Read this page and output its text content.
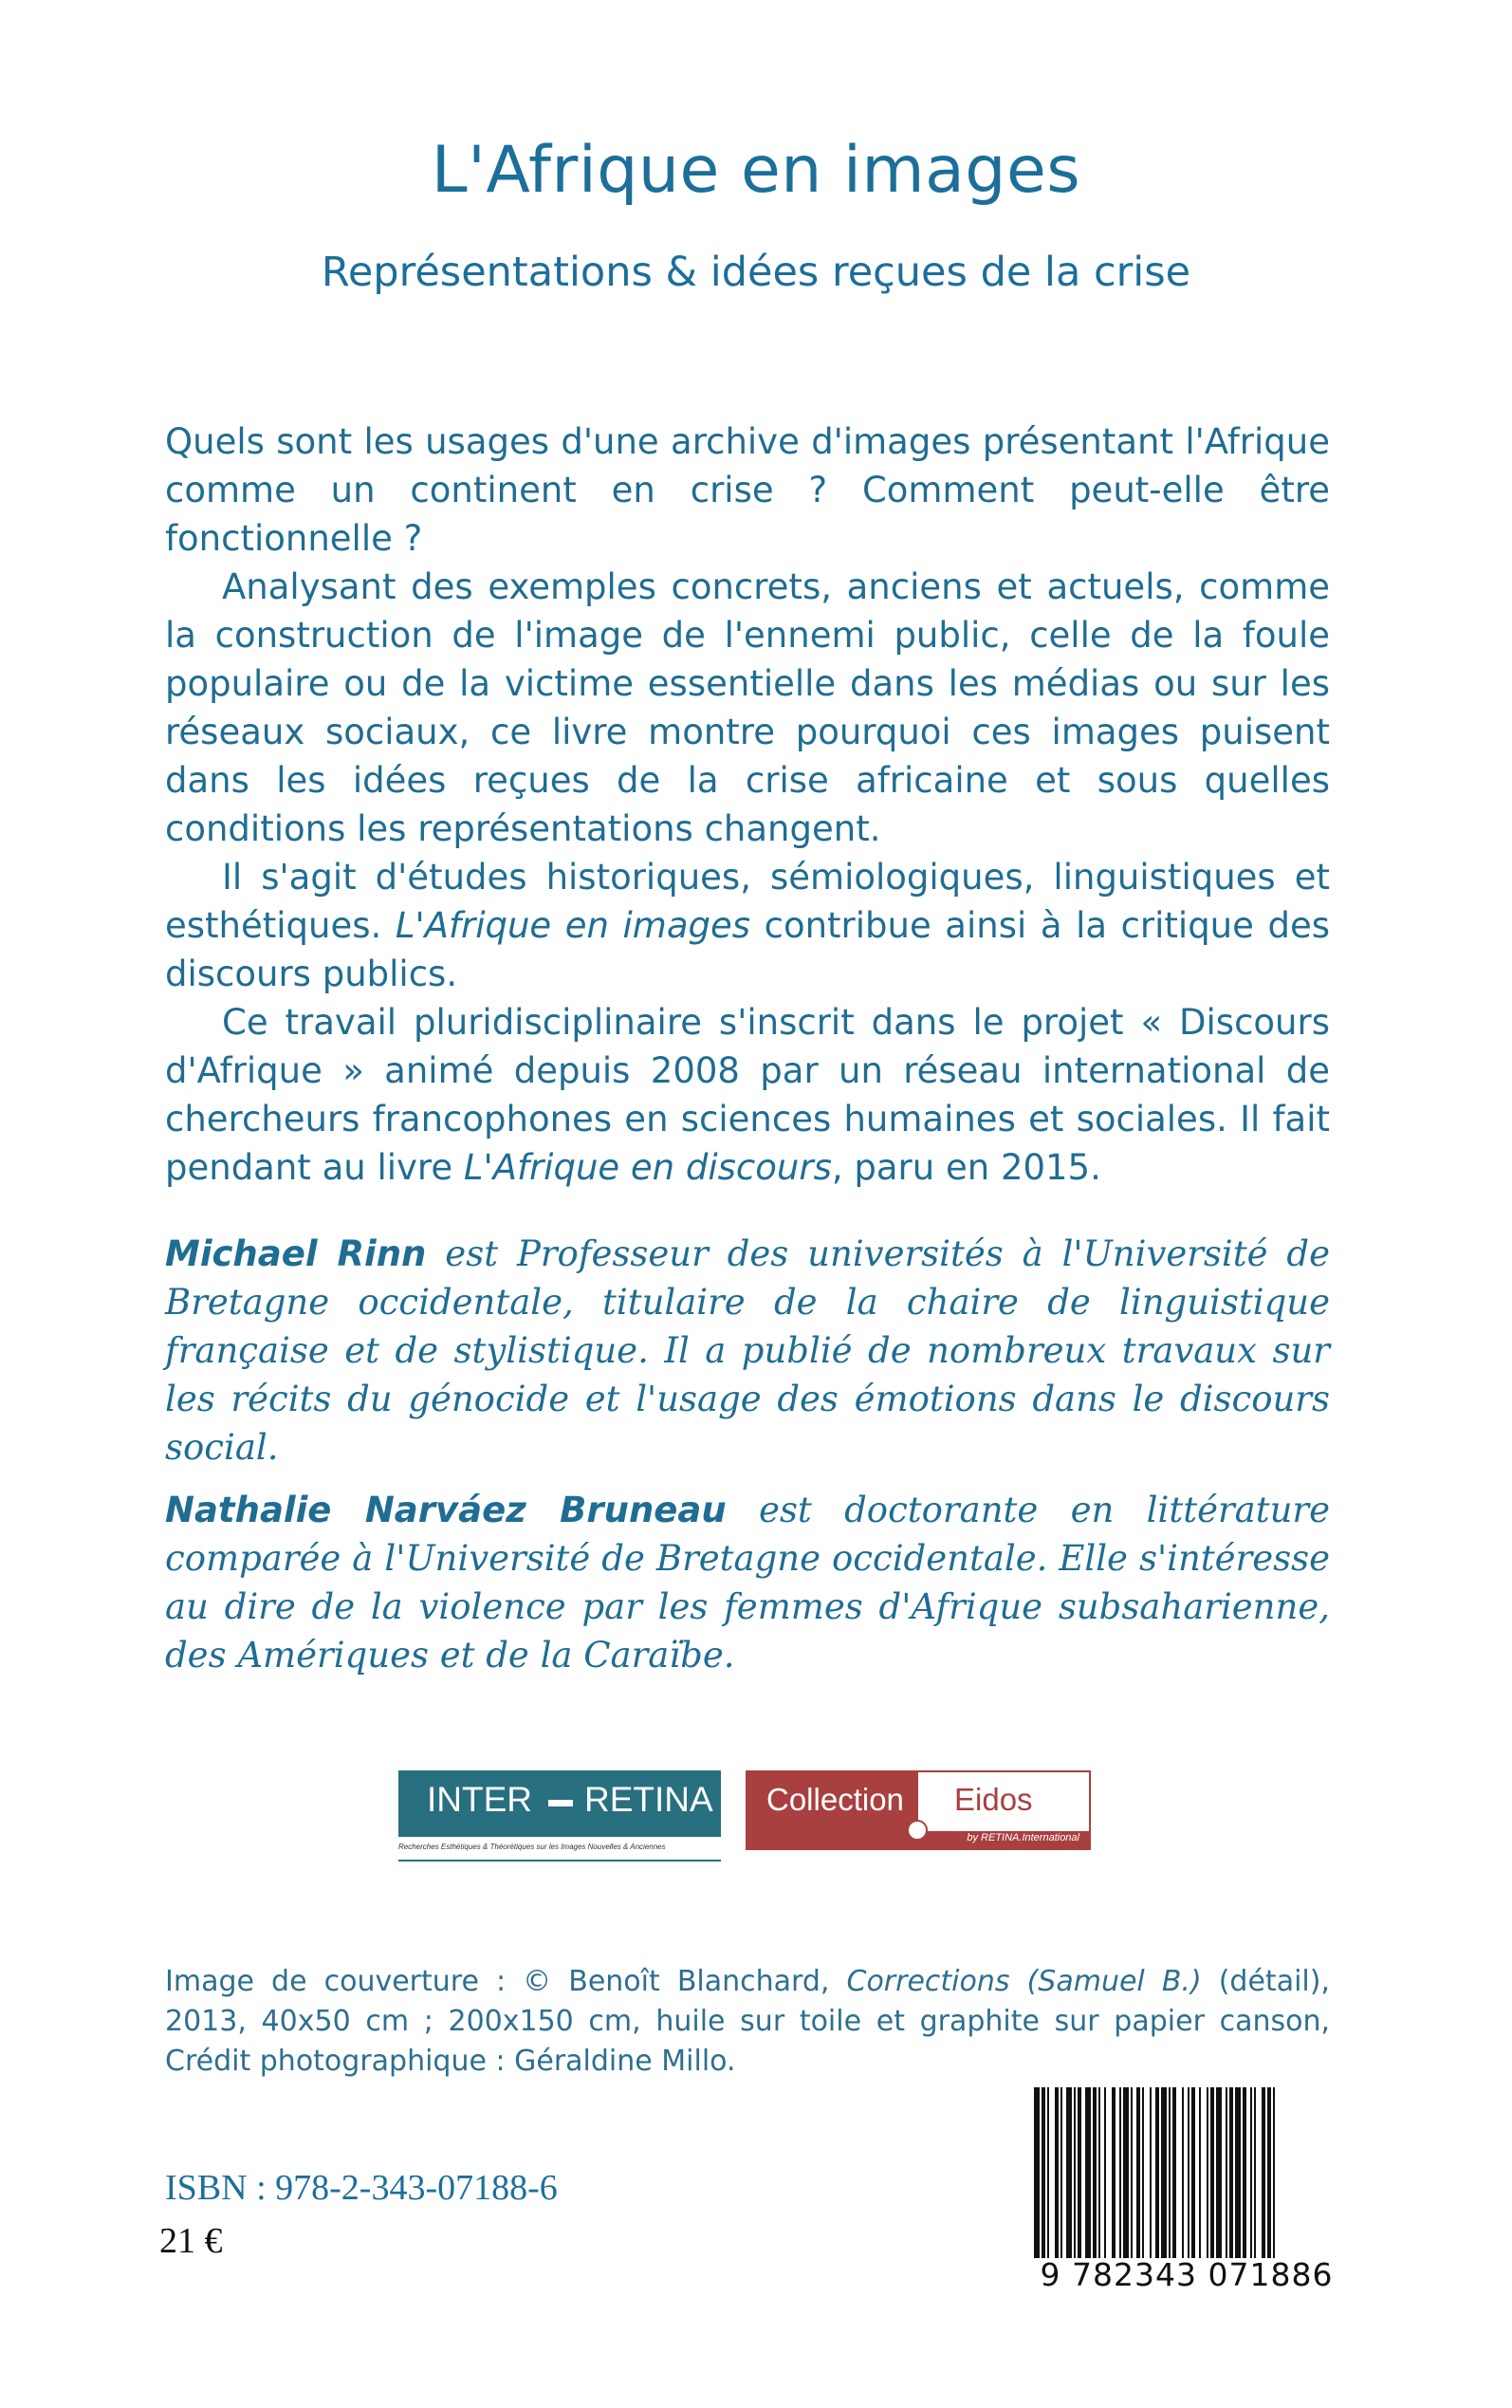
L'Afrique en images
Représentations & idées reçues de la crise

Quels sont les usages d'une archive d'images présentant l'Afrique comme un continent en crise ? Comment peut-elle être fonctionnelle ?

Analysant des exemples concrets, anciens et actuels, comme la construction de l'image de l'ennemi public, celle de la foule populaire ou de la victime essentielle dans les médias ou sur les réseaux sociaux, ce livre montre pourquoi ces images puisent dans les idées reçues de la crise africaine et sous quelles conditions les représentations changent.

Il s'agit d'études historiques, sémiologiques, linguistiques et esthétiques. L'Afrique en images contribue ainsi à la critique des discours publics.

Ce travail pluridisciplinaire s'inscrit dans le projet « Discours d'Afrique » animé depuis 2008 par un réseau international de chercheurs francophones en sciences humaines et sociales. Il fait pendant au livre L'Afrique en discours, paru en 2015.

Michael Rinn est Professeur des universités à l'Université de Bretagne occidentale, titulaire de la chaire de linguistique française et de stylistique. Il a publié de nombreux travaux sur les récits du génocide et l'usage des émotions dans le discours social.
Nathalie Narváez Bruneau est doctorante en littérature comparée à l'Université de Bretagne occidentale. Elle s'intéresse au dire de la violence par les femmes d'Afrique subsaharienne, des Amériques et de la Caraïbe.
INTER RETINA
Recherches Esthétiques & Théorétiques sur les Images Nouvelles & Anciennes
Collection Eidos
by RETINA.International
Image de couverture : © Benoît Blanchard, Corrections (Samuel B.) (détail), 2013, 40x50 cm ; 200x150 cm, huile sur toile et graphite sur papier canson, Crédit photographique : Géraldine Millo.
ISBN : 978-2-343-07188-6
21 €
9 782343 071886
